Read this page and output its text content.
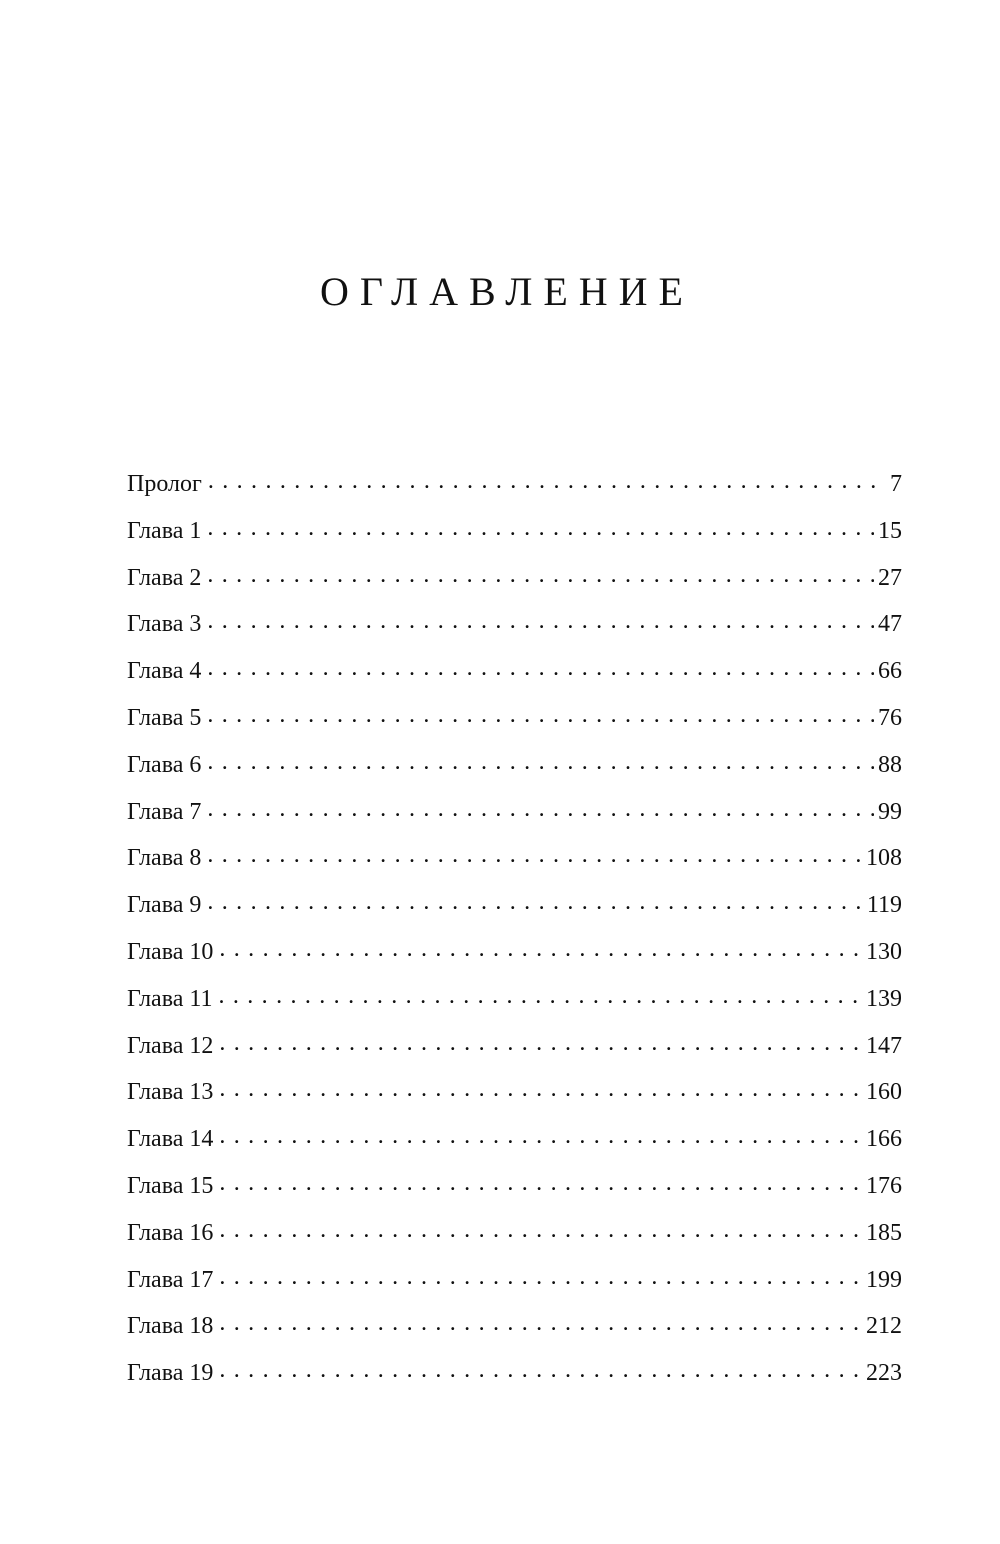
ОГЛАВЛЕНИЕ
Пролог . . .	7
Глава 1 . . .	15
Глава 2 . . .	27
Глава 3 . . .	47
Глава 4 . . .	66
Глава 5 . . .	76
Глава 6 . . .	88
Глава 7 . . .	99
Глава 8 . . .	108
Глава 9 . . .	119
Глава 10 . . .	130
Глава 11 . . .	139
Глава 12 . . .	147
Глава 13 . . .	160
Глава 14 . . .	166
Глава 15 . . .	176
Глава 16 . . .	185
Глава 17 . . .	199
Глава 18 . . .	212
Глава 19 . . .	223
